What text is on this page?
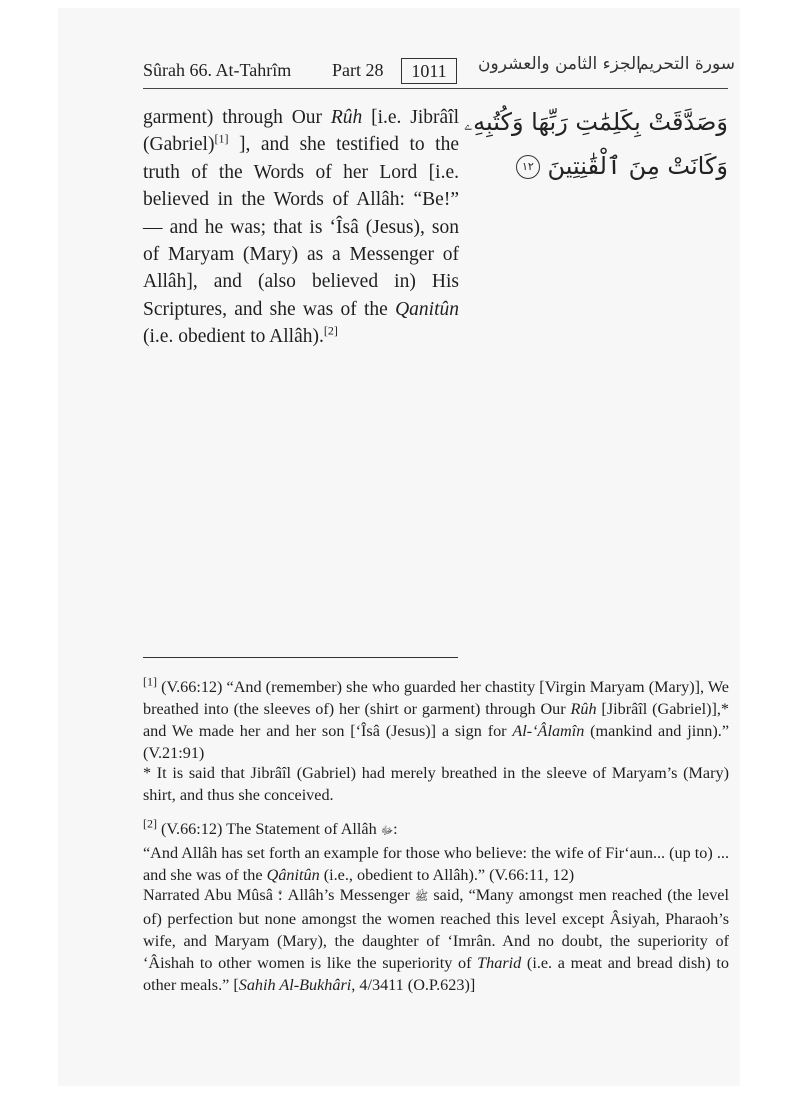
Sûrah 66. At-Tahrîm Part 28	1011	الجزء الثامن والعشرون
سورة التحريم

garment) through Our Rûh [i.e. Jibrâîl (Gabriel)[1] ], and she testified to the truth of the Words of her Lord [i.e. believed in the Words of Allâh: “Be!” — and he was; that is ‘Îsâ (Jesus), son of Maryam (Mary) as a Messenger of Allâh], and (also believed in) His Scriptures, and she was of the Qanitûn (i.e. obedient to Allâh).[2]

وَصَدَّقَتْ بِكَلِمَٰتِ رَبِّهَا وَكُتُبِهِۦ
وَكَانَتْ مِنَ ٱلْقَٰنِتِينَ ١٢

[1] (V.66:12) “And (remember) she who guarded her chastity [Virgin Maryam (Mary)], We breathed into (the sleeves of) her (shirt or garment) through Our Rûh [Jibrâîl (Gabriel)],* and We made her and her son [‘Îsâ (Jesus)] a sign for Al-‘Âlamîn (mankind and jinn).” (V.21:91)

* It is said that Jibrâîl (Gabriel) had merely breathed in the sleeve of Maryam’s (Mary) shirt, and thus she conceived.

[2] (V.66:12) The Statement of Allâh ﷻ:

“And Allâh has set forth an example for those who believe: the wife of Fir‘aun... (up to) ... and she was of the Qânitûn (i.e., obedient to Allâh).” (V.66:11, 12)

Narrated Abu Mûsâ : Allâh’s Messenger ﷺ said, “Many amongst men reached (the level of) perfection but none amongst the women reached this level except Âsiyah, Pharaoh’s wife, and Maryam (Mary), the daughter of ‘Imrân. And no doubt, the superiority of ‘Âishah to other women is like the superiority of Tharid (i.e. a meat and bread dish) to other meals.” [Sahih Al-Bukhâri, 4/3411 (O.P.623)]
